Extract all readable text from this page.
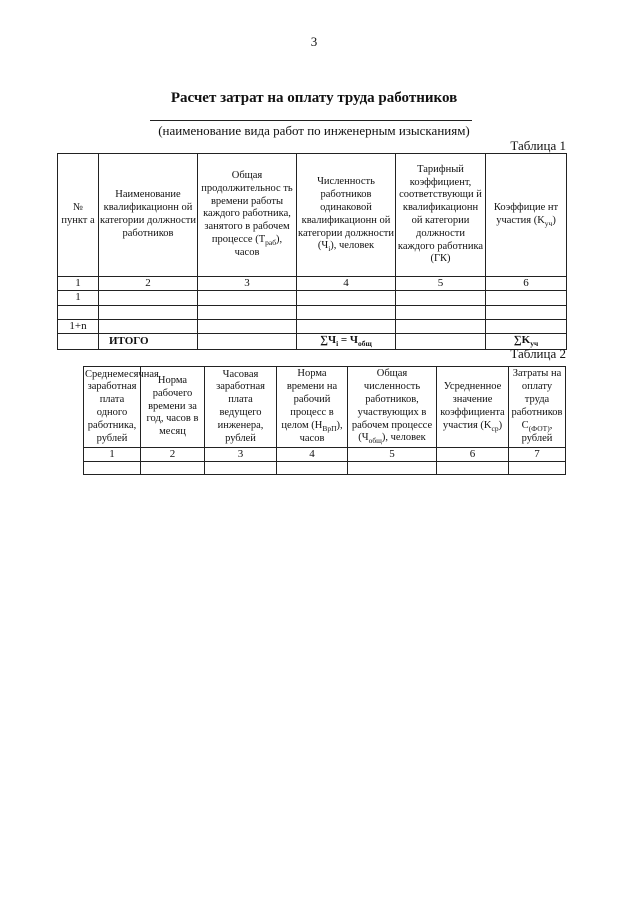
3
Расчет затрат на оплату труда работников
(наименование вида работ по инженерным изысканиям)
Таблица 1
№ пункт а	Наименование квалификационн ой категории должности работников	Общая продолжительнос ть времени работы каждого работника, занятого в рабочем процессе $(T_{раб})$, часов	Численность работников одинаковой квалификационн ой категории должности $(Ч_i)$, человек	Тарифный коэффициент, соответствующи й квалификационн ой категории должности каждого работника (ГК)	Коэффицие нт участия $(K_{уч})$
1	2	3	4	5	6
1					

1+n					
	ИТОГО		$\sum Ч_i = Ч_{общ}$		$\sum K_{уч}$
Таблица 2
Среднемесячная заработная плата одного работника, рублей	Норма рабочего времени за год, часов в месяц	Часовая заработная плата ведущего инженера, рублей	Норма времени на рабочий процесс в целом $(Н_{ВрП})$, часов	Общая численность работников, участвующих в рабочем процессе $(Ч_{общ})$, человек	Усредненное значение коэффициента участия $(K_{ср})$	Затраты на оплату труда работников $C_{(ФОТ)}$, рублей
1	2	3	4	5	6	7
